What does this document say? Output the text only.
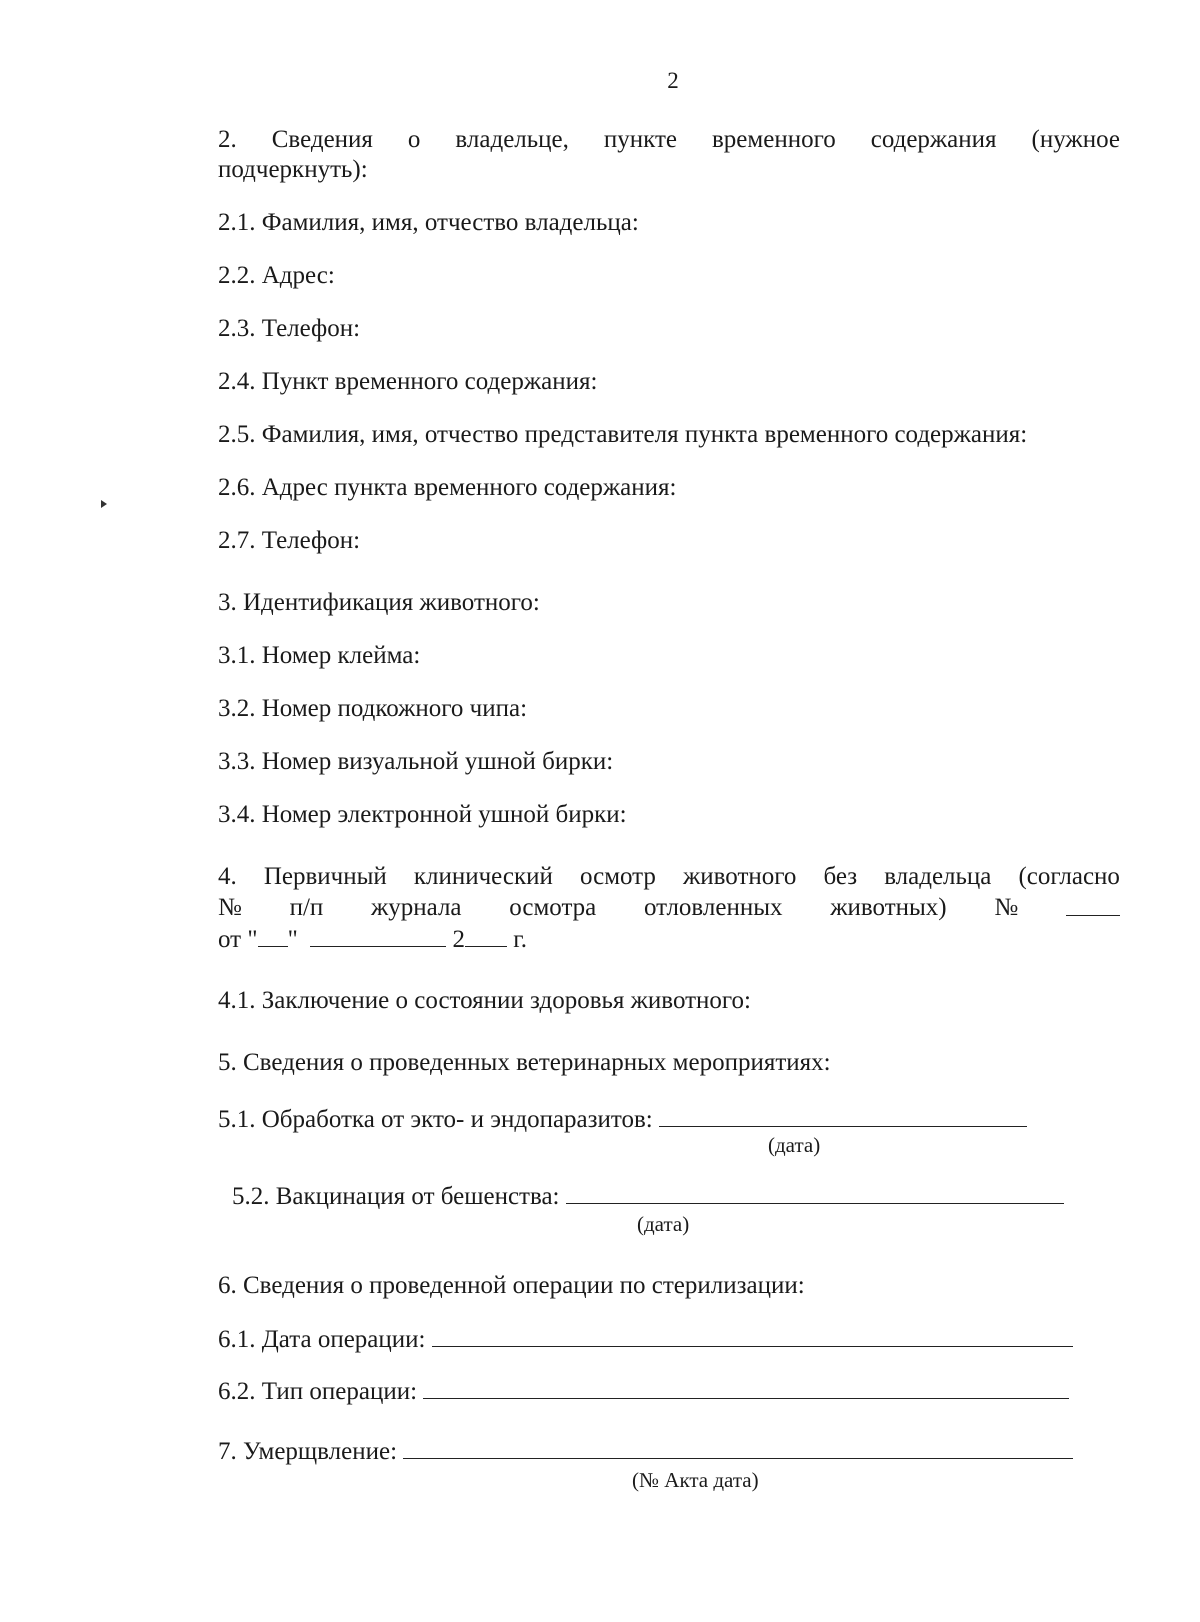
2
2. Сведения о владельце, пункте временного содержания (нужное
подчеркнуть):
2.1. Фамилия, имя, отчество владельца:
2.2. Адрес:
2.3. Телефон:
2.4. Пункт временного содержания:
2.5. Фамилия, имя, отчество представителя пункта временного содержания:
2.6. Адрес пункта временного содержания:
2.7. Телефон:
3. Идентификация животного:
3.1. Номер клейма:
3.2. Номер подкожного чипа:
3.3. Номер визуальной ушной бирки:
3.4. Номер электронной ушной бирки:
4. Первичный клинический осмотр животного без владельца (согласно
№ п/п журнала осмотра отловленных животных) №
от " "	2 г.
4.1. Заключение о состоянии здоровья животного:
5. Сведения о проведенных ветеринарных мероприятиях:
5.1. Обработка от экто- и эндопаразитов:
(дата)
5.2. Вакцинация от бешенства:
(дата)
6. Сведения о проведенной операции по стерилизации:
6.1. Дата операции:
6.2. Тип операции:
7. Умерщвление:
(№ Акта дата)
